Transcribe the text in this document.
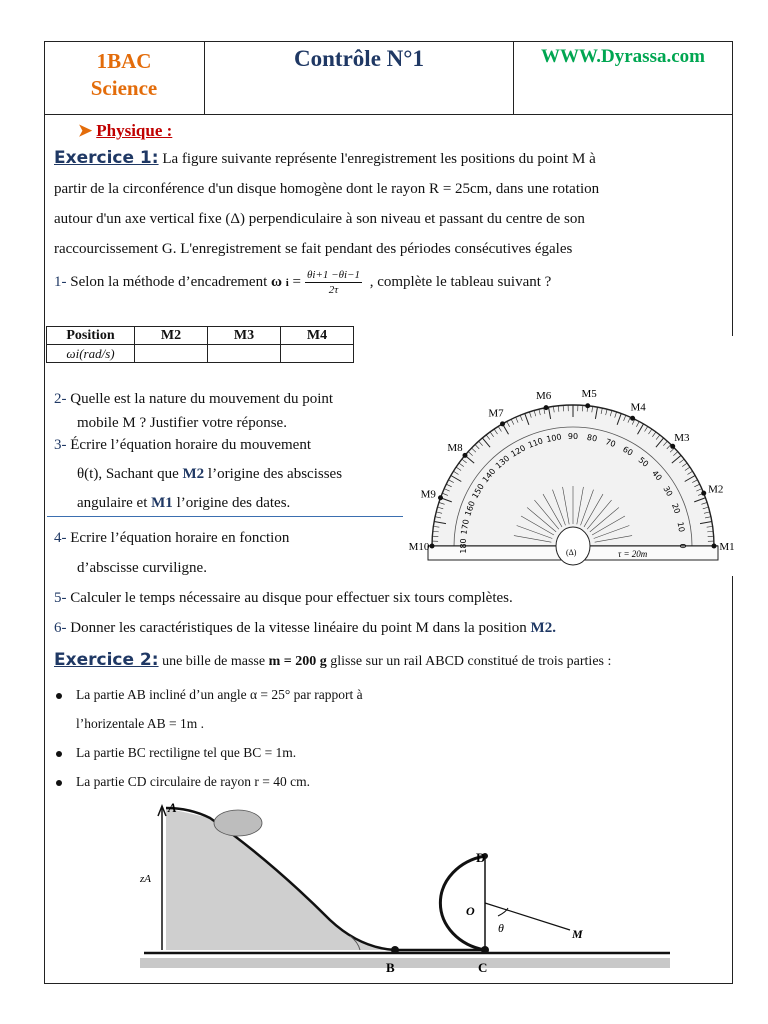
1BAC
Science
Contrôle N°1	WWW.Dyrassa.com
➤ Physique :
Exercice 1: La figure suivante représente l'enregistrement les positions du point M à
partir de la circonférence d'un disque homogène dont le rayon R = 25cm, dans une rotation
autour d'un axe vertical fixe (Δ) perpendiculaire à son niveau et passant du centre de son
raccourcissement G. L'enregistrement se fait pendant des périodes consécutives égales
1- Selon la méthode d’encadrement ω $i = \frac{\theta i+1 -\theta i-1}{2\tau}$ , complète le tableau suivant ?
Position	M2	M3	M4
ωi(rad/s)			
2- Quelle est la nature du mouvement du point
mobile M ? Justifier votre réponse.
3- Écrire l’équation horaire du mouvement
θ(t), Sachant que M2 l’origine des abscisses
angulaire et M1 l’origine des dates.
4- Ecrire l’équation horaire en fonction
d’abscisse curviligne.
5- Calculer le temps nécessaire au disque pour effectuer six tours complètes.
6- Donner les caractéristiques de la vitesse linéaire du point M dans la position M2.
0
10
20
30
40
50
60
70
80
90
100
110
120
130
140
150
160
170
180	M1
M2
M3
M4
M5
M6
M7
M8
M9
M10	(Δ)	τ = 20m
Exercice 2: une bille de masse m = 200 g glisse sur un rail ABCD constitué de trois parties :
La partie AB incliné d’un angle α = 25° par rapport à
l’horizentale AB = 1m .
La partie BC rectiligne tel que BC = 1m.
La partie CD circulaire de rayon r = 40 cm.
zA
A
B	C
D
O
θ	M
